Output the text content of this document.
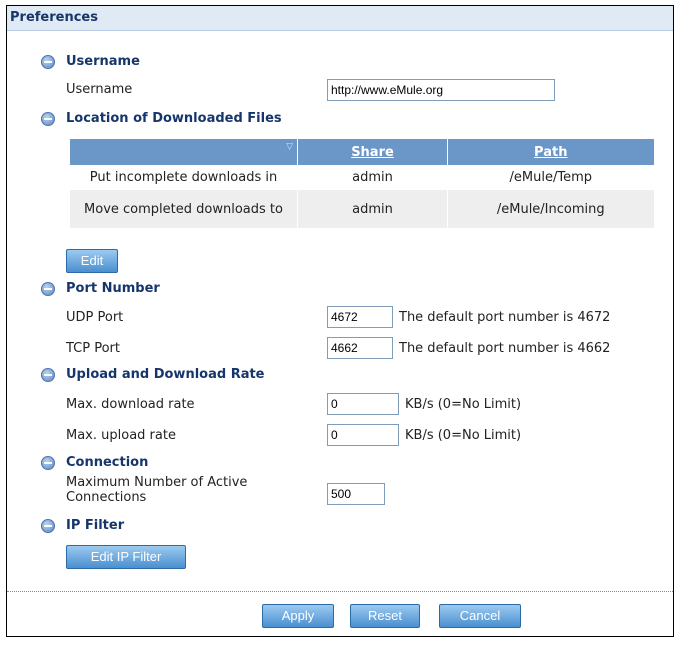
Preferences
Username
Username	http://www.eMule.org
Location of Downloaded Files
▽	Share	Path
Put incomplete downloads in	admin	/eMule/Temp
Move completed downloads to	admin	/eMule/Incoming
Edit
Port Number
UDP Port	4672	The default port number is 4672
TCP Port	4662	The default port number is 4662
Upload and Download Rate
Max. download rate	0	KB/s (0=No Limit)
Max. upload rate	0	KB/s (0=No Limit)
Connection
Maximum Number of Active Connections	500
IP Filter
Edit IP Filter
Apply	Reset	Cancel
